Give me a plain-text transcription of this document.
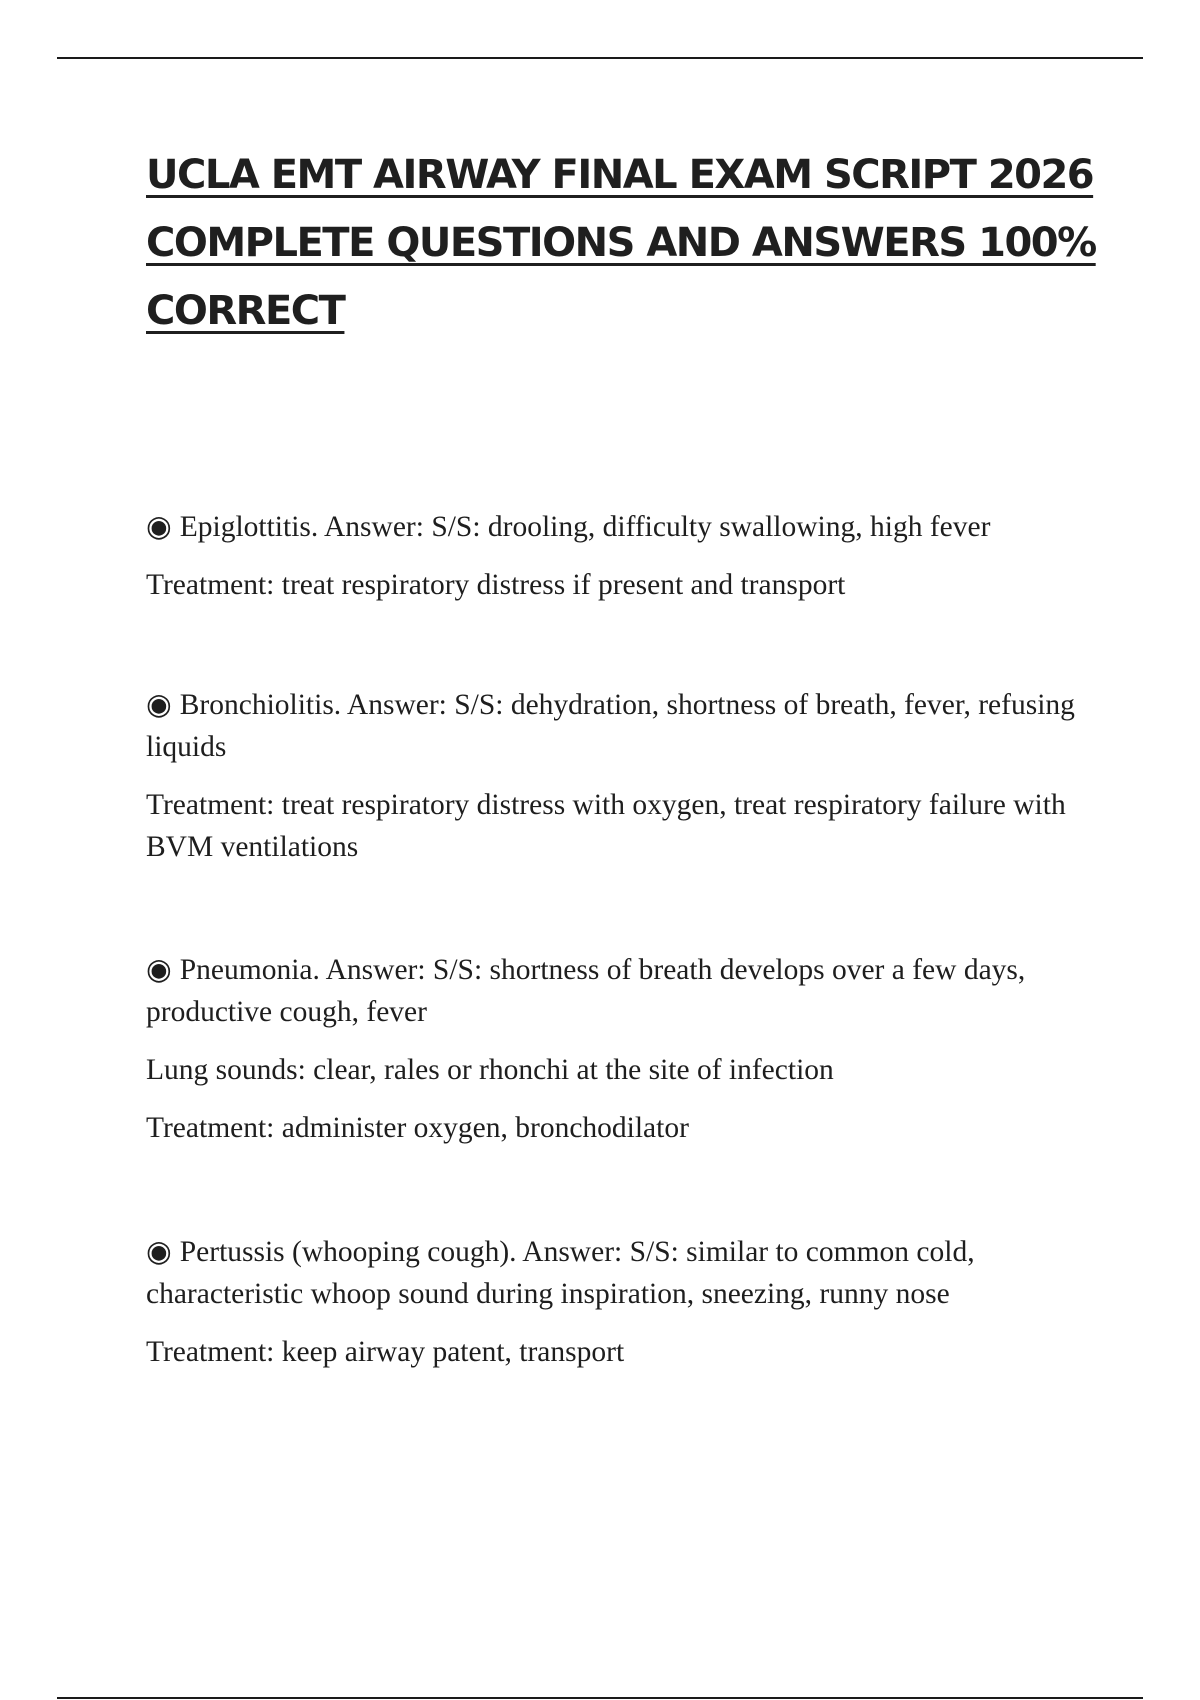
UCLA EMT AIRWAY FINAL EXAM SCRIPT 2026
COMPLETE QUESTIONS AND ANSWERS 100%
CORRECT

◉ Epiglottitis. Answer: S/S: drooling, difficulty swallowing, high fever

Treatment: treat respiratory distress if present and transport

◉ Bronchiolitis. Answer: S/S: dehydration, shortness of breath, fever, refusing liquids

Treatment: treat respiratory distress with oxygen, treat respiratory failure with BVM ventilations

◉ Pneumonia. Answer: S/S: shortness of breath develops over a few days, productive cough, fever

Lung sounds: clear, rales or rhonchi at the site of infection

Treatment: administer oxygen, bronchodilator

◉ Pertussis (whooping cough). Answer: S/S: similar to common cold, characteristic whoop sound during inspiration, sneezing, runny nose

Treatment: keep airway patent, transport
